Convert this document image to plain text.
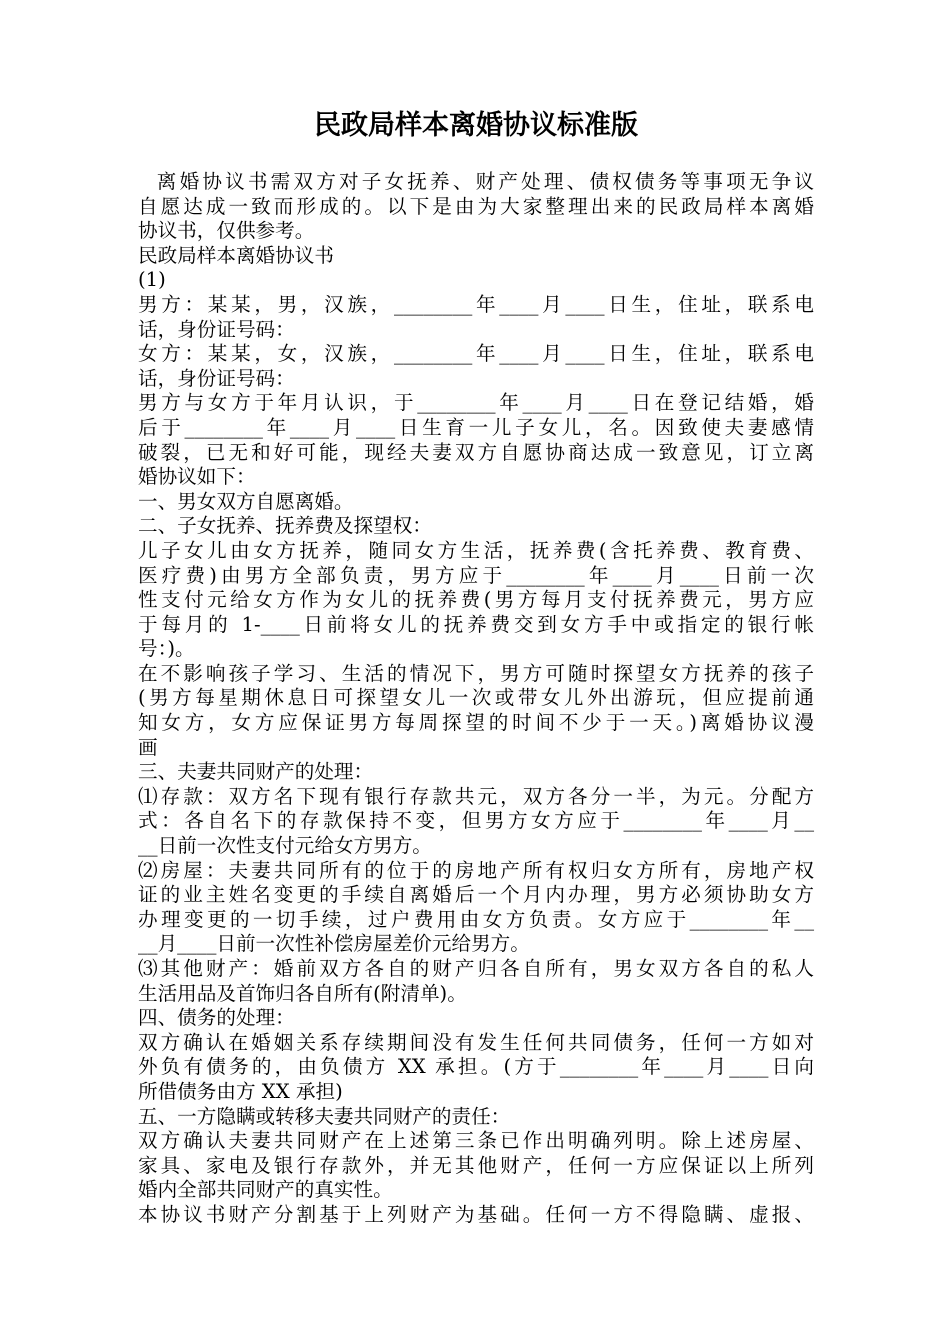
民政局样本离婚协议标准版
离婚协议书需双方对子女抚养、财产处理、债权债务等事项无争议
自愿达成一致而形成的。以下是由为大家整理出来的民政局样本离婚
协议书，仅供参考。
民政局样本离婚协议书
(1)
男方：某某，男，汉族，________年____月____日生，住址，联系电
话，身份证号码：
女方：某某，女，汉族，________年____月____日生，住址，联系电
话，身份证号码：
男方与女方于年月认识，于________年____月____日在登记结婚，婚
后于________年____月____日生育一儿子女儿，名。因致使夫妻感情
破裂，已无和好可能，现经夫妻双方自愿协商达成一致意见，订立离
婚协议如下：
一、男女双方自愿离婚。
二、子女抚养、抚养费及探望权：
儿子女儿由女方抚养，随同女方生活，抚养费(含托养费、教育费、
医疗费)由男方全部负责，男方应于________年____月____日前一次
性支付元给女方作为女儿的抚养费(男方每月支付抚养费元，男方应
于每月的 1-____日前将女儿的抚养费交到女方手中或指定的银行帐
号：)。
在不影响孩子学习、生活的情况下，男方可随时探望女方抚养的孩子
(男方每星期休息日可探望女儿一次或带女儿外出游玩，但应提前通
知女方，女方应保证男方每周探望的时间不少于一天。)离婚协议漫
画
三、夫妻共同财产的处理：
⑴存款：双方名下现有银行存款共元，双方各分一半，为元。分配方
式：各自名下的存款保持不变，但男方女方应于________年____月__
__日前一次性支付元给女方男方。
⑵房屋：夫妻共同所有的位于的房地产所有权归女方所有，房地产权
证的业主姓名变更的手续自离婚后一个月内办理，男方必须协助女方
办理变更的一切手续，过户费用由女方负责。女方应于________年__
__月____日前一次性补偿房屋差价元给男方。
⑶其他财产：婚前双方各自的财产归各自所有，男女双方各自的私人
生活用品及首饰归各自所有(附清单)。
四、债务的处理：
双方确认在婚姻关系存续期间没有发生任何共同债务，任何一方如对
外负有债务的，由负债方 XX 承担。(方于________年____月____日向
所借债务由方 XX 承担)
五、一方隐瞒或转移夫妻共同财产的责任：
双方确认夫妻共同财产在上述第三条已作出明确列明。除上述房屋、
家具、家电及银行存款外，并无其他财产，任何一方应保证以上所列
婚内全部共同财产的真实性。
本协议书财产分割基于上列财产为基础。任何一方不得隐瞒、虚报、
